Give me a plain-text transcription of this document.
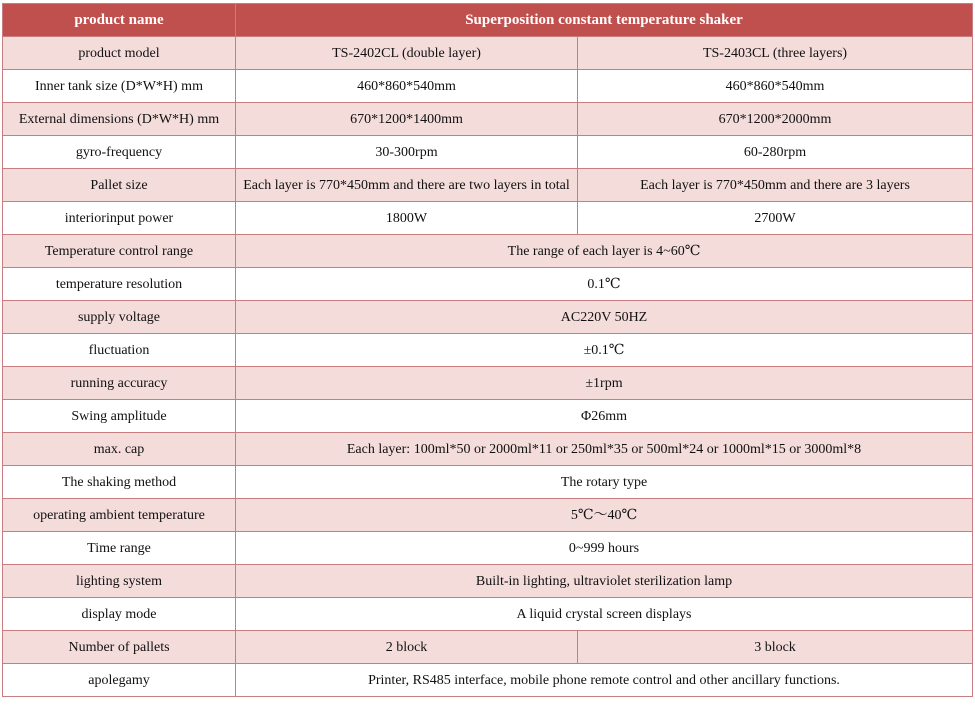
product name	Superposition constant temperature shaker	
product model	TS-2402CL (double layer)	TS-2403CL (three layers)
Inner tank size (D*W*H) mm	460*860*540mm	460*860*540mm
External dimensions (D*W*H) mm	670*1200*1400mm	670*1200*2000mm
gyro-frequency	30-300rpm	60-280rpm
Pallet size	Each layer is 770*450mm and there are two layers in total	Each layer is 770*450mm and there are 3 layers
interiorinput power	1800W	2700W
Temperature control range	The range of each layer is 4~60℃	
temperature resolution	0.1℃	
supply voltage	AC220V 50HZ	
fluctuation	±0.1℃	
running accuracy	±1rpm	
Swing amplitude	Φ26mm	
max. cap	Each layer: 100ml*50 or 2000ml*11 or 250ml*35 or 500ml*24 or 1000ml*15 or 3000ml*8	
The shaking method	The rotary type	
operating ambient temperature	5℃～40℃	
Time range	0~999 hours	
lighting system	Built-in lighting, ultraviolet sterilization lamp	
display mode	A liquid crystal screen displays	
Number of pallets	2 block	3 block
apolegamy	Printer, RS485 interface, mobile phone remote control and other ancillary functions.	
